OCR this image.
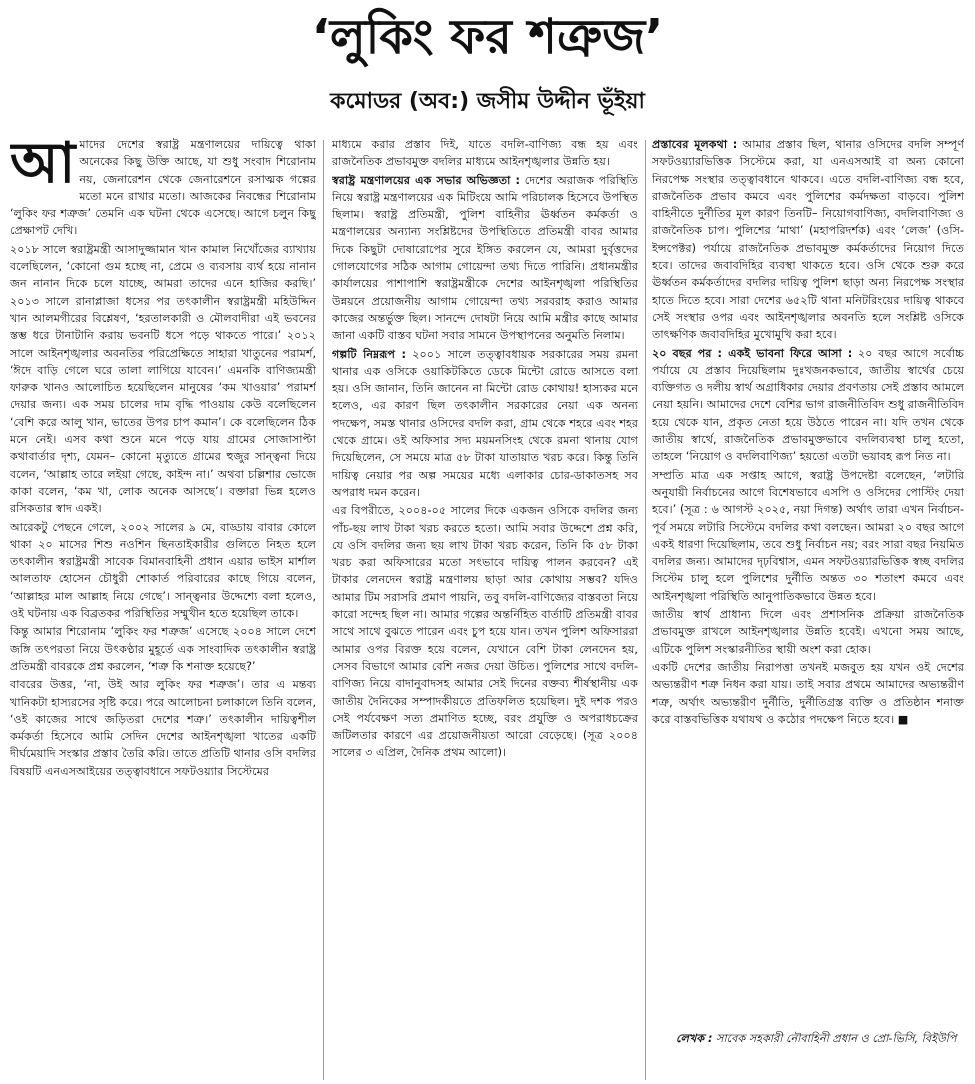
‘লুকিং ফর শত্রুজ’
কমোডর (অব:) জসীম উদ্দীন ভূঁইয়া

আমাদের দেশের স্বরাষ্ট্র মন্ত্রণালয়ের দায়িত্বে থাকা অনেকের কিছু উক্তি আছে, যা শুধু সংবাদ শিরোনাম নয়, জেনারেশন থেকে জেনারেশনে রসাত্মক গল্পের মতো মনে রাখার মতো। আজকের নিবন্ধের শিরোনাম ‘লুকিং ফর শত্রুজ’ তেমনি এক ঘটনা থেকে এসেছে। আগে চলুন কিছু প্রেক্ষাপট দেখি।

২০১৮ সালে স্বরাষ্ট্রমন্ত্রী আসাদুজ্জামান খান কামাল নিখোঁজের ব্যাখ্যায় বলেছিলেন, ‘কোনো গুম হচ্ছে না, প্রেমে ও ব্যবসায় ব্যর্থ হয়ে নানান জন নানান দিকে চলে যাচ্ছে, আমরা তাদের এনে হাজির করছি।’ ২০১৩ সালে রানাপ্লাজা ধসের পর তৎকালীন স্বরাষ্ট্রমন্ত্রী মহিউদ্দিন খান আলমগীরের বিশ্লেষণ, ‘হরতালকারী ও মৌলবাদীরা এই ভবনের স্তম্ভ ধরে টানাটানি করায় ভবনটি ধসে পড়ে থাকতে পারে।’ ২০১২ সালে আইনশৃঙ্খলার অবনতির পরিপ্রেক্ষিতে সাহারা খাতুনের পরামর্শ, ‘ঈদে বাড়ি গেলে ঘরে তালা লাগিয়ে যাবেন।’ এমনকি বাণিজ্যমন্ত্রী ফারুক খানও আলোচিত হয়েছিলেন মানুষের ‘কম খাওয়ার’ পরামর্শ দেয়ার জন্য। এক সময় চালের দাম বৃদ্ধি পাওয়ায় কেউ বলেছিলেন ‘বেশি করে আলু খান, ভাতের উপর চাপ কমান’। কে বলেছিলেন ঠিক মনে নেই। এসব কথা শুনে মনে পড়ে যায় গ্রামের সোজাসাপ্টা কথাবার্তার দৃশ্য, যেমন– কোনো মৃত্যুতে গ্রামের হুজুর সান্ত্বনা দিয়ে বলেন, ‘আল্লাহ তারে লইয়া গেছে, কাইন্দ না।’ অথবা চল্লিশার ভোজে কাকা বলেন, ‘কম খা, লোক অনেক আসছে’। বক্তারা ভিন্ন হলেও রসিকতার স্বাদ একই।

আরেকটু পেছনে গেলে, ২০০২ সালের ৯ মে, বাড্ডায় বাবার কোলে থাকা ২০ মাসের শিশু নওশিন ছিনতাইকারীর গুলিতে নিহত হলে তৎকালীন স্বরাষ্ট্রমন্ত্রী সাবেক বিমানবাহিনী প্রধান এয়ার ভাইস মার্শাল আলতাফ হোসেন চৌধুরী শোকার্ত পরিবারের কাছে গিয়ে বলেন, ‘আল্লাহর মাল আল্লাহ নিয়ে গেছে’। সান্ত্বনার উদ্দেশ্যে বলা হলেও, ওই ঘটনায় এক বিব্রতকর পরিস্থিতির সম্মুখীন হতে হয়েছিল তাকে।

কিন্তু আমার শিরোনাম ‘লুকিং ফর শত্রুজ’ এসেছে ২০০৪ সালে দেশে জঙ্গি তৎপরতা নিয়ে উৎকণ্ঠার মুহূর্তে এক সাংবাদিক তৎকালীন স্বরাষ্ট্র প্রতিমন্ত্রী বাবরকে প্রশ্ন করলেন, ‘শত্রু কি শনাক্ত হয়েছে?’

বাবরের উত্তর, ‘না, উই আর লুকিং ফর শত্রুজ’। তার এ মন্তব্য খানিকটা হাস্যরসের সৃষ্টি করে। পরে আলোচনা চলাকালে তিনি বলেন, ‘ওই কাজের সাথে জড়িতরা দেশের শত্রু।’ তৎকালীন দায়িত্বশীল কর্মকর্তা হিসেবে আমি সেদিন দেশের আইনশৃঙ্খলা খাতের একটি দীর্ঘমেয়াদি সংস্কার প্রস্তাব তৈরি করি। তাতে প্রতিটি থানার ওসি বদলির বিষয়টি এনএসআইয়ের তত্ত্বাবধানে সফটওয়্যার সিস্টেমের

মাধ্যমে করার প্রস্তাব দিই, যাতে বদলি-বাণিজ্য বন্ধ হয় এবং রাজনৈতিক প্রভাবমুক্ত বদলির মাধ্যমে আইনশৃঙ্খলার উন্নতি হয়।

স্বরাষ্ট্র মন্ত্রণালয়ের এক সভার অভিজ্ঞতা : দেশের অরাজক পরিস্থিতি নিয়ে স্বরাষ্ট্র মন্ত্রণালয়ের এক মিটিংয়ে আমি পরিচালক হিসেবে উপস্থিত ছিলাম। স্বরাষ্ট্র প্রতিমন্ত্রী, পুলিশ বাহিনীর ঊর্ধ্বতন কর্মকর্তা ও মন্ত্রণালয়ের অন্যান্য সংশ্লিষ্টদের উপস্থিতিতে প্রতিমন্ত্রী বাবর আমার দিকে কিছুটা দোষারোপের সুরে ইঙ্গিত করলেন যে, আমরা দুর্বৃত্তদের গোলযোগের সঠিক আগাম গোয়েন্দা তথ্য দিতে পারিনি। প্রধানমন্ত্রীর কার্যালয়ের পাশাপাশি স্বরাষ্ট্রমন্ত্রীকে দেশের আইনশৃঙ্খলা পরিস্থিতির উন্নয়নে প্রয়োজনীয় আগাম গোয়েন্দা তথ্য সরবরাহ করাও আমার কাজের অন্তর্ভুক্ত ছিল। সানন্দে দোষটা নিয়ে আমি মন্ত্রীর কাছে আমার জানা একটি বাস্তব ঘটনা সবার সামনে উপস্থাপনের অনুমতি নিলাম।

গল্পটি নিম্নরূপ : ২০০১ সালে তত্ত্বাবধায়ক সরকারের সময় রমনা থানার এক ওসিকে ওয়াকিটকিতে ডেকে মিন্টো রোডে আসতে বলা হয়। ওসি জানান, তিনি জানেন না মিন্টো রোড কোথায়! হাস্যকর মনে হলেও, এর কারণ ছিল তৎকালীন সরকারের নেয়া এক অনন্য পদক্ষেপ, সমস্ত থানার ওসিদের বদলি করা, গ্রাম থেকে শহরে এবং শহর থেকে গ্রামে। ওই অফিসার সদ্য ময়মনসিংহ থেকে রমনা থানায় যোগ দিয়েছিলেন, সে সময়ে মাত্র ৫৮ টাকা যাতায়াত খরচ করে। কিন্তু তিনি দায়িত্ব নেয়ার পর অল্প সময়ের মধ্যে এলাকার চোর-ডাকাতসহ সব অপরাধ দমন করেন।

এর বিপরীতে, ২০০৪-০৫ সালের দিকে একজন ওসিকে বদলির জন্য পাঁচ-ছয় লাখ টাকা খরচ করতে হতো। আমি সবার উদ্দেশে প্রশ্ন করি, যে ওসি বদলির জন্য ছয় লাখ টাকা খরচ করেন, তিনি কি ৫৮ টাকা খরচ করা অফিসারের মতো সৎভাবে দায়িত্ব পালন করবেন? এই টাকার লেনদেন স্বরাষ্ট্র মন্ত্রণালয় ছাড়া আর কোথায় সম্ভব? যদিও আমার টিম সরাসরি প্রমাণ পায়নি, তবু বদলি-বাণিজ্যের বাস্তবতা নিয়ে কারো সন্দেহ ছিল না। আমার গল্পের অন্তর্নিহিত বার্তাটি প্রতিমন্ত্রী বাবর সাথে সাথে বুঝতে পারেন এবং চুপ হয়ে যান। তখন পুলিশ অফিসাররা আমার ওপর বিরক্ত হয়ে বলেন, যেখানে বেশি টাকা লেনদেন হয়, সেসব বিভাগে আমার বেশি নজর দেয়া উচিত। পুলিশের সাথে বদলি-বাণিজ্য নিয়ে বাদানুবাদসহ আমার সেই দিনের বক্তব্য শীর্ষস্থানীয় এক জাতীয় দৈনিকের সম্পাদকীয়তে প্রতিফলিত হয়েছিল। দুই দশক পরও সেই পর্যবেক্ষণ সত্য প্রমাণিত হচ্ছে, বরং প্রযুক্তি ও অপরাধচক্রের জটিলতার কারণে এর প্রয়োজনীয়তা আরো বেড়েছে। (সূত্র ২০০৪ সালের ৩ এপ্রিল, দৈনিক প্রথম আলো)।

প্রস্তাবের মূলকথা : আমার প্রস্তাব ছিল, থানার ওসিদের বদলি সম্পূর্ণ সফটওয়্যারভিত্তিক সিস্টেমে করা, যা এনএসআই বা অন্য কোনো নিরপেক্ষ সংস্থার তত্ত্বাবধানে থাকবে। এতে বদলি-বাণিজ্য বন্ধ হবে, রাজনৈতিক প্রভাব কমবে এবং পুলিশের কর্মদক্ষতা বাড়বে। পুলিশ বাহিনীতে দুর্নীতির মূল কারণ তিনটি– নিয়োগবাণিজ্য, বদলিবাণিজ্য ও রাজনৈতিক চাপ। পুলিশের ‘মাথা’ (মহাপরিদর্শক) এবং ‘লেজ’ (ওসি-ইন্সপেক্টর) পর্যায়ে রাজনৈতিক প্রভাবমুক্ত কর্মকর্তাদের নিয়োগ দিতে হবে। তাদের জবাবদিহির ব্যবস্থা থাকতে হবে। ওসি থেকে শুরু করে ঊর্ধ্বতন কর্মকর্তাদের বদলির দায়িত্ব পুলিশ ছাড়া অন্য নিরপেক্ষ সংস্থার হাতে দিতে হবে। সারা দেশের ৬৫২টি থানা মনিটরিংয়ের দায়িত্ব থাকবে সেই সংস্থার ওপর এবং আইনশৃঙ্খলার অবনতি হলে সংশ্লিষ্ট ওসিকে তাৎক্ষণিক জবাবদিহির মুখোমুখি করা হবে।

২০ বছর পর : একই ভাবনা ফিরে আসা : ২০ বছর আগে সর্বোচ্চ পর্যায়ে যে প্রস্তাব দিয়েছিলাম দুঃখজনকভাবে, জাতীয় স্বার্থের চেয়ে ব্যক্তিগত ও দলীয় স্বার্থ অগ্রাধিকার দেয়ার প্রবণতায় সেই প্রস্তাব আমলে নেয়া হয়নি। আমাদের দেশে বেশির ভাগ রাজনীতিবিদ শুধু রাজনীতিবিদ হয়ে থেকে যান, প্রকৃত নেতা হয়ে উঠতে পারেন না। যদি তখন থেকে জাতীয় স্বার্থে, রাজনৈতিক প্রভাবমুক্তভাবে বদলিব্যবস্থা চালু হতো, তাহলে ‘নিয়োগ ও বদলিবাণিজ্য’ হয়তো এতটা ভয়াবহ রূপ নিত না।

সম্প্রতি মাত্র এক সপ্তাহ আগে, স্বরাষ্ট্র উপদেষ্টা বলেছেন, ‘লটারি অনুযায়ী নির্বাচনের আগে বিশেষভাবে এসপি ও ওসিদের পোস্টিং দেয়া হবে।’ (সূত্র : ৬ আগস্ট ২০২৫, নয়া দিগন্ত) অর্থাৎ তারা এখন নির্বাচন-পূর্ব সময়ে লটারি সিস্টেমে বদলির কথা বলছেন। আমরা ২০ বছর আগে একই ধারণা দিয়েছিলাম, তবে শুধু নির্বাচন নয়; বরং সারা বছর নিয়মিত বদলির জন্য। আমাদের দৃঢ়বিশ্বাস, এমন সফটওয়্যারভিত্তিক স্বচ্ছ বদলির সিস্টেম চালু হলে পুলিশের দুর্নীতি অন্তত ৩০ শতাংশ কমবে এবং আইনশৃঙ্খলা পরিস্থিতি আনুপাতিকভাবে উন্নত হবে।

জাতীয় স্বার্থ প্রাধান্য দিলে এবং প্রশাসনিক প্রক্রিয়া রাজনৈতিক প্রভাবমুক্ত রাখলে আইনশৃঙ্খলার উন্নতি হবেই। এখনো সময় আছে, এটিকে পুলিশ সংস্কারনীতির স্থায়ী অংশ করা হোক।

একটি দেশের জাতীয় নিরাপত্তা তখনই মজবুত হয় যখন ওই দেশের অভ্যন্তরীণ শত্রু নিধন করা যায়। তাই সবার প্রথমে আমাদের অভ্যন্তরীণ শত্রু, অর্থাৎ অভ্যন্তরীণ দুর্নীতি, দুর্নীতিগ্রস্ত ব্যক্তি ও প্রতিষ্ঠান শনাক্ত করে বাস্তবভিত্তিক যথাযথ ও কঠোর পদক্ষেপ নিতে হবে। ■

লেখক : সাবেক সহকারী নৌবাহিনী প্রধান ও প্রো-ভিসি, বিইউপি
